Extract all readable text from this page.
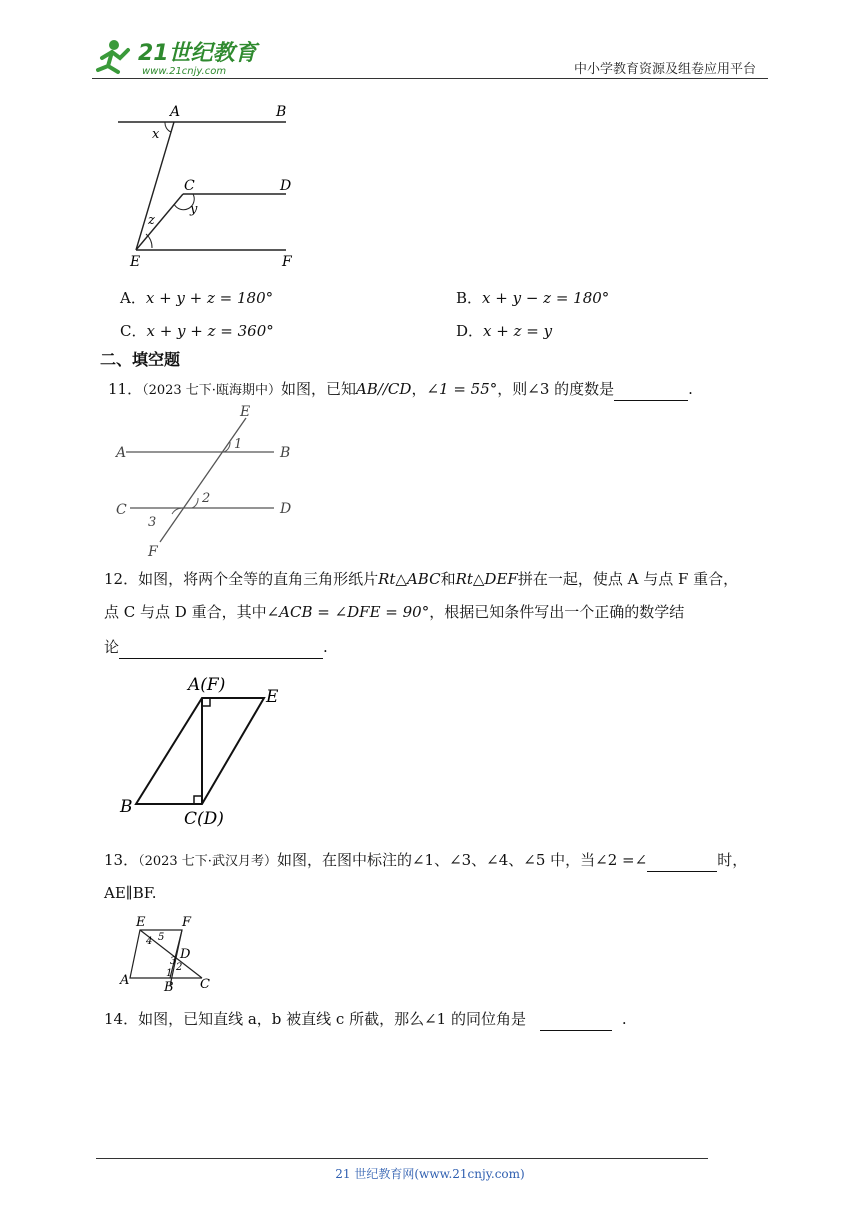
21世纪教育
www.21cnjy.com	中小学教育资源及组卷应用平台
A	B
C	D
E	F
x
y
z
A．x + y + z = 180°	B．x + y − z = 180°
C．x + y + z = 360°	D．x + z = y
二、填空题
11．（2023 七下·瓯海期中）如图，已知AB//CD，∠1 = 55°，则∠3 的度数是	.
E
A	B
C	D
F
1
2
3
12．如图，将两个全等的直角三角形纸片Rt△ABC和Rt△DEF拼在一起，使点 A 与点 F 重合，
点 C 与点 D 重合，其中∠ACB = ∠DFE = 90°，根据已知条件写出一个正确的数学结
论	.
A(F)
E
B
C(D)
13．（2023 七下·武汉月考）如图，在图中标注的∠1、∠3、∠4、∠5 中，当∠2 =∠	时，
AE∥BF.
E	F
D
A	B C
4 5
3
2
1
14．如图，已知直线 a，b 被直线 c 所截，那么∠1 的同位角是	.
21 世纪教育网(www.21cnjy.com)
